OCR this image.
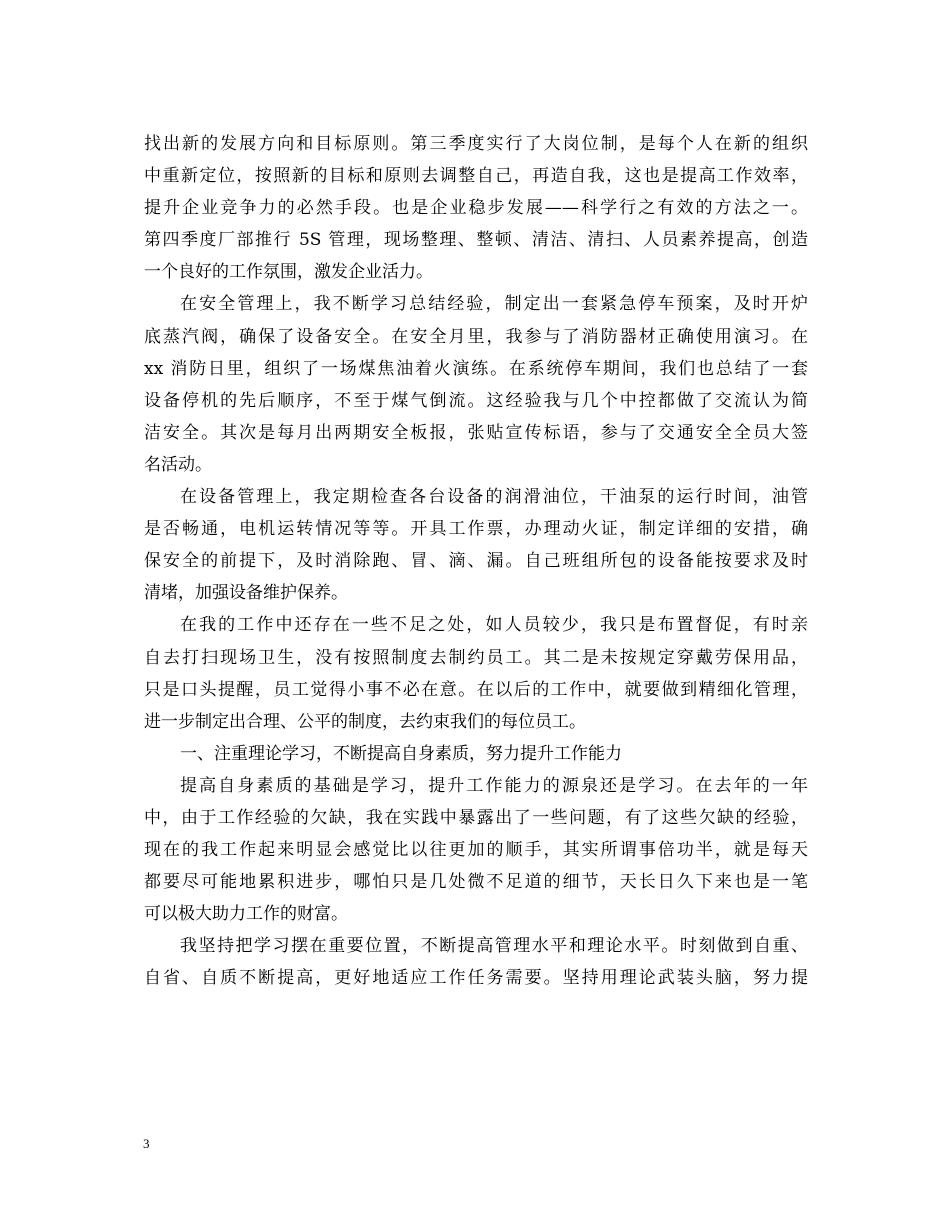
找出新的发展方向和目标原则。第三季度实行了大岗位制，是每个人在新的组织
中重新定位，按照新的目标和原则去调整自己，再造自我，这也是提高工作效率，
提升企业竞争力的必然手段。也是企业稳步发展——科学行之有效的方法之一。
第四季度厂部推行 5S 管理，现场整理、整顿、清洁、清扫、人员素养提高，创造
一个良好的工作氛围，激发企业活力。
在安全管理上，我不断学习总结经验，制定出一套紧急停车预案，及时开炉
底蒸汽阀，确保了设备安全。在安全月里，我参与了消防器材正确使用演习。在
xx 消防日里，组织了一场煤焦油着火演练。在系统停车期间，我们也总结了一套
设备停机的先后顺序，不至于煤气倒流。这经验我与几个中控都做了交流认为简
洁安全。其次是每月出两期安全板报，张贴宣传标语，参与了交通安全全员大签
名活动。
在设备管理上，我定期检查各台设备的润滑油位，干油泵的运行时间，油管
是否畅通，电机运转情况等等。开具工作票，办理动火证，制定详细的安措，确
保安全的前提下，及时消除跑、冒、滴、漏。自己班组所包的设备能按要求及时
清堵，加强设备维护保养。
在我的工作中还存在一些不足之处，如人员较少，我只是布置督促，有时亲
自去打扫现场卫生，没有按照制度去制约员工。其二是未按规定穿戴劳保用品，
只是口头提醒，员工觉得小事不必在意。在以后的工作中，就要做到精细化管理，
进一步制定出合理、公平的制度，去约束我们的每位员工。
一、注重理论学习，不断提高自身素质，努力提升工作能力
提高自身素质的基础是学习，提升工作能力的源泉还是学习。在去年的一年
中，由于工作经验的欠缺，我在实践中暴露出了一些问题，有了这些欠缺的经验，
现在的我工作起来明显会感觉比以往更加的顺手，其实所谓事倍功半，就是每天
都要尽可能地累积进步，哪怕只是几处微不足道的细节，天长日久下来也是一笔
可以极大助力工作的财富。
我坚持把学习摆在重要位置，不断提高管理水平和理论水平。时刻做到自重、
自省、自质不断提高，更好地适应工作任务需要。坚持用理论武装头脑，努力提
3
